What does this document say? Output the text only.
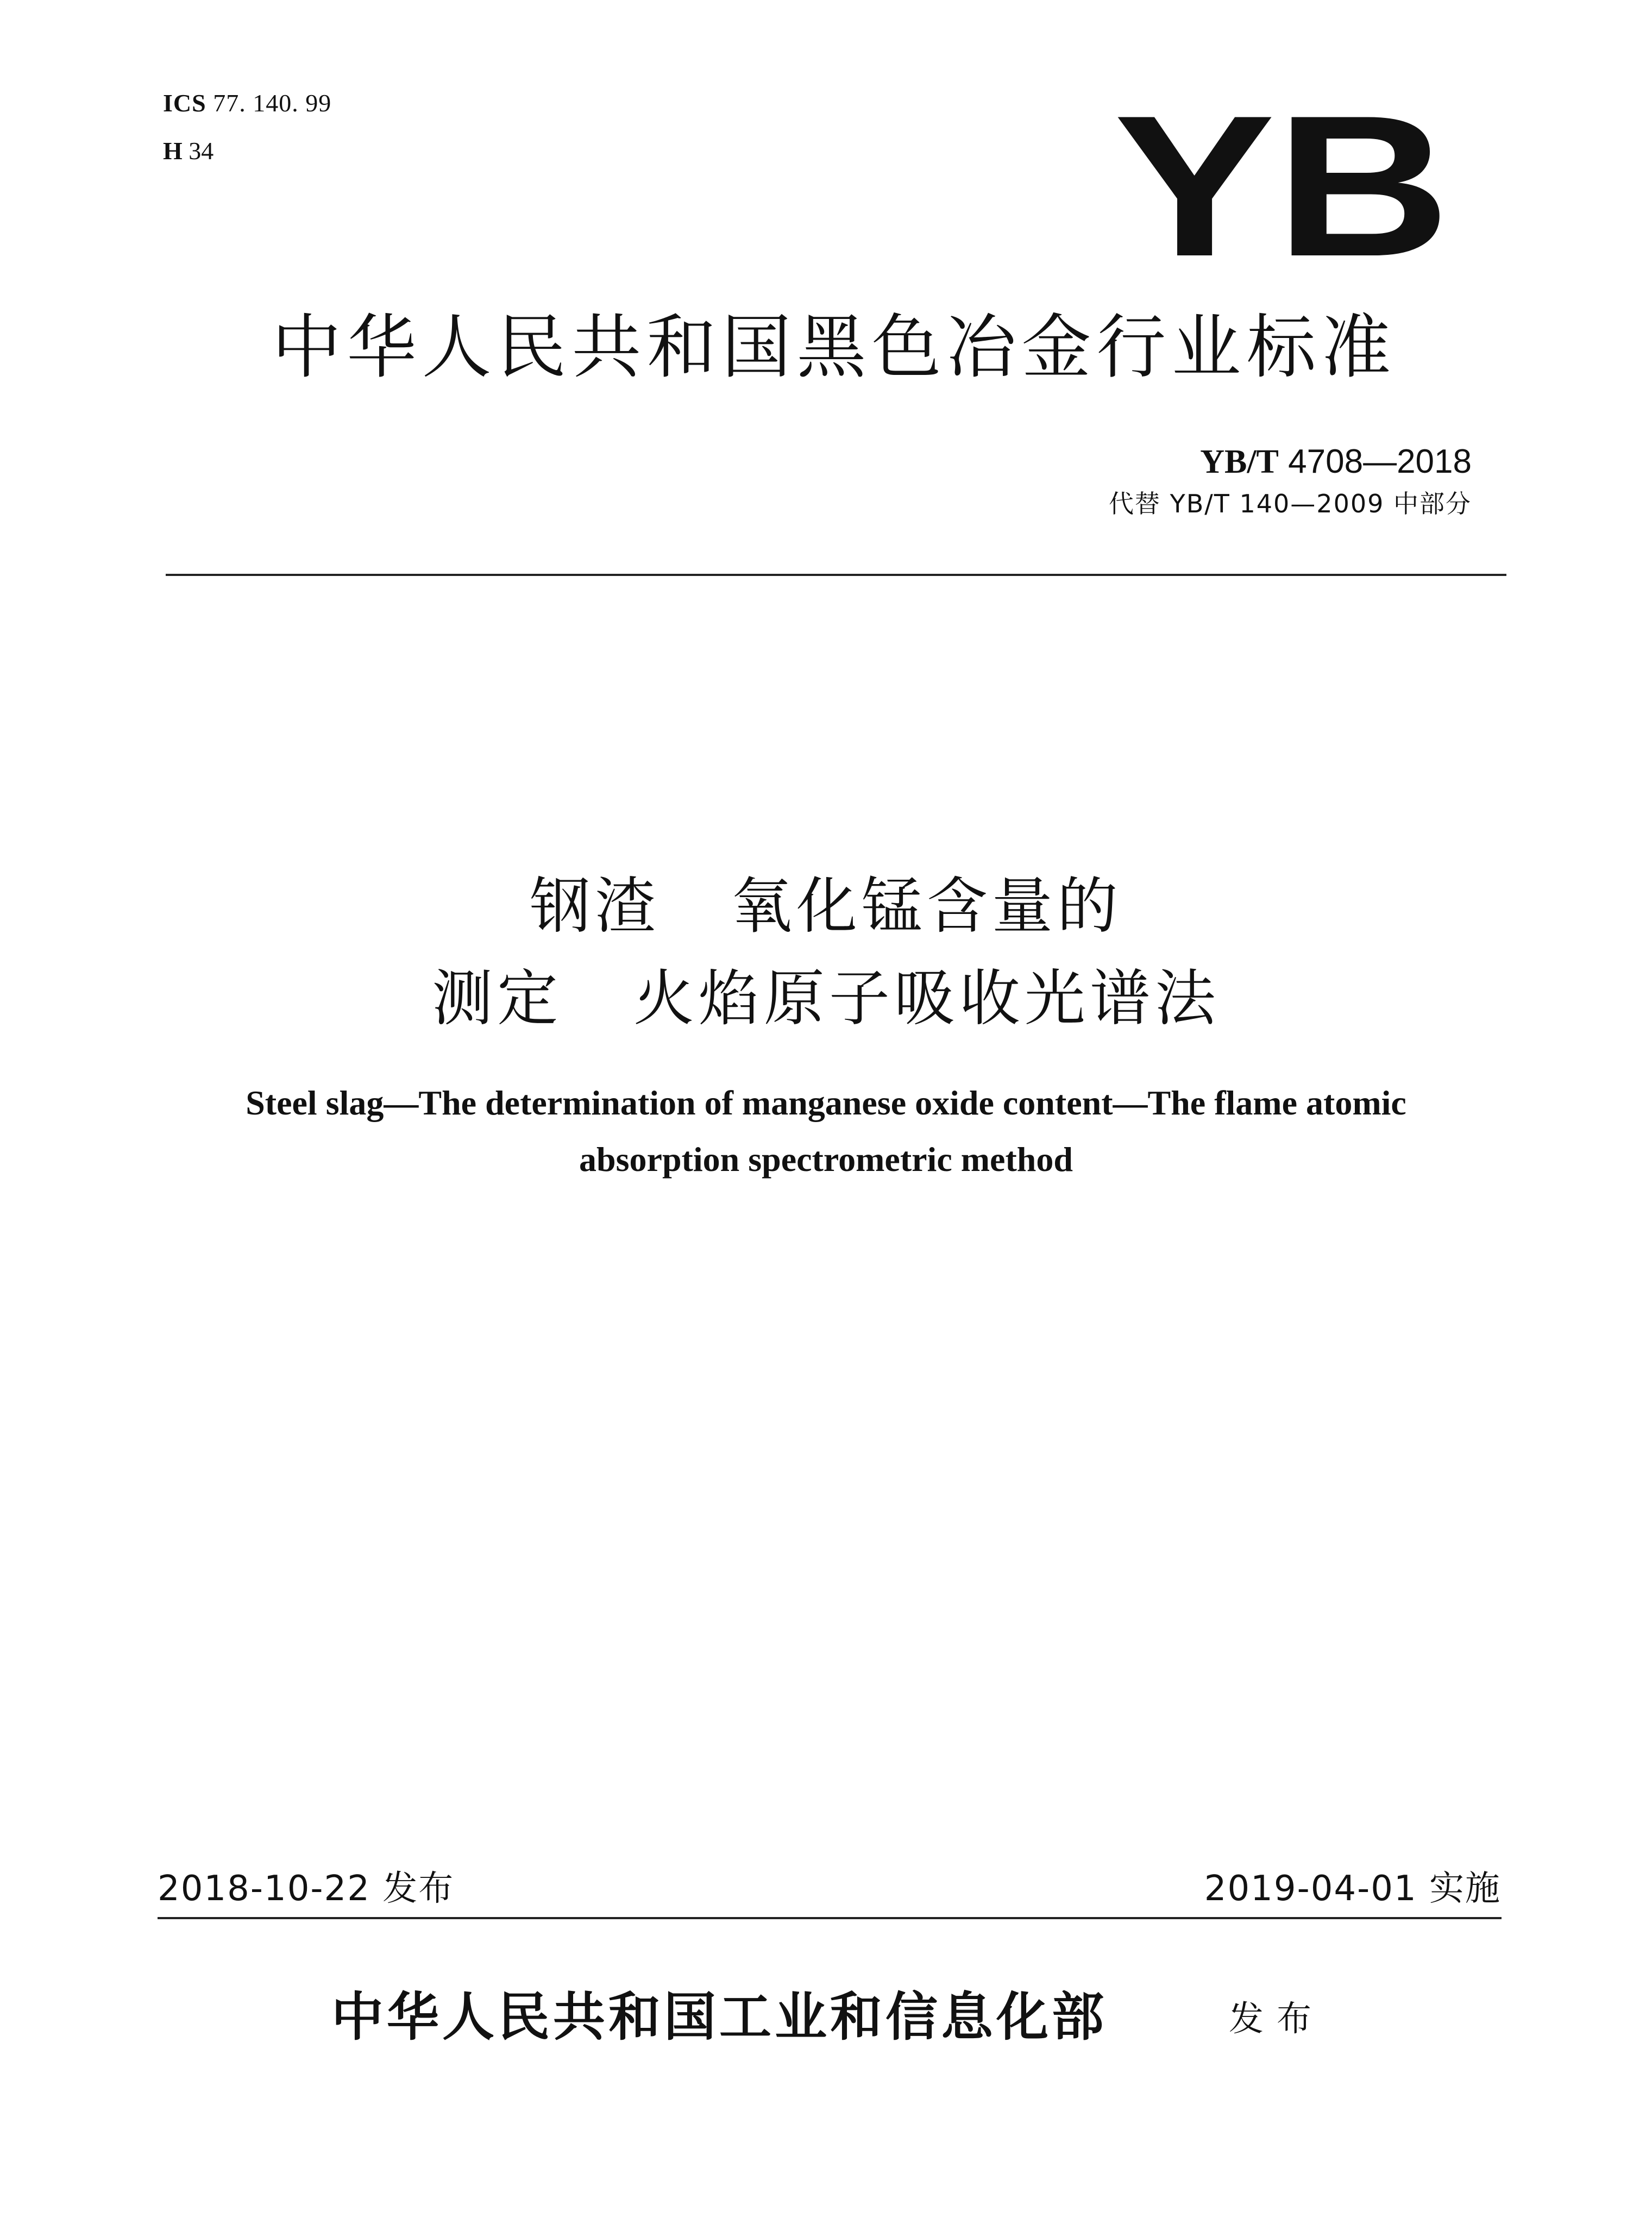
ICS 77. 140. 99
H 34	YB
中华人民共和国黑色冶金行业标准
YB/T 4708—2018
代替 YB/T 140—2009 中部分
钢渣   氧化锰含量的
测定   火焰原子吸收光谱法
Steel slag—The determination of manganese oxide content—The flame atomic
absorption spectrometric method
2018-10-22 发布	2019-04-01 实施
中华人民共和国工业和信息化部	发布
